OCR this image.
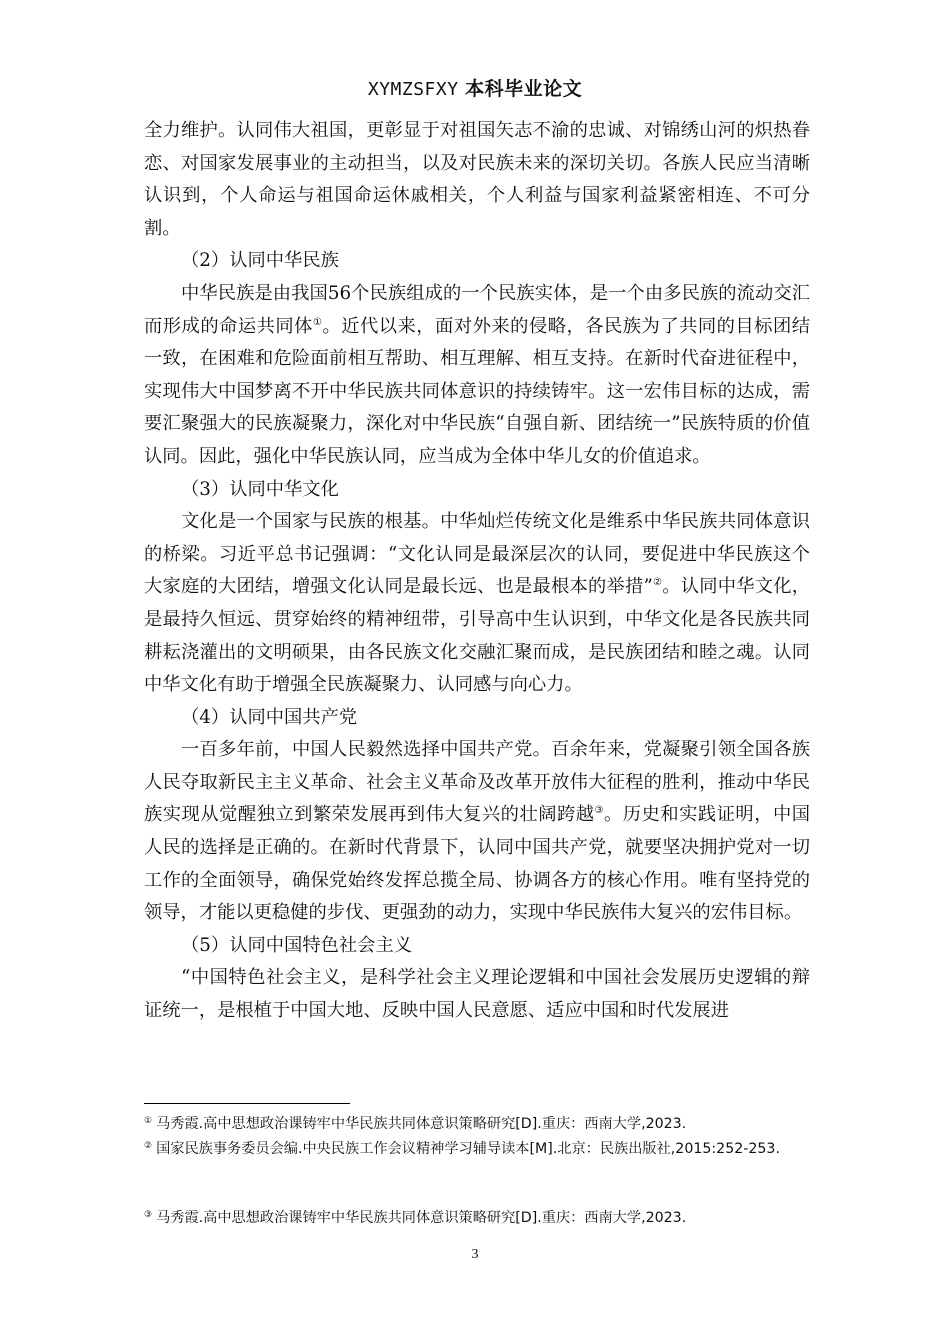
XYMZSFXY 本科毕业论文

全力维护。认同伟大祖国，更彰显于对祖国矢志不渝的忠诚、对锦绣山河的炽热眷恋、对国家发展事业的主动担当，以及对民族未来的深切关切。各族人民应当清晰认识到，个人命运与祖国命运休戚相关，个人利益与国家利益紧密相连、不可分割。

（2）认同中华民族

中华民族是由我国56个民族组成的一个民族实体，是一个由多民族的流动交汇而形成的命运共同体①。近代以来，面对外来的侵略，各民族为了共同的目标团结一致，在困难和危险面前相互帮助、相互理解、相互支持。在新时代奋进征程中，实现伟大中国梦离不开中华民族共同体意识的持续铸牢。这一宏伟目标的达成，需要汇聚强大的民族凝聚力，深化对中华民族“自强自新、团结统一”民族特质的价值认同。因此，强化中华民族认同，应当成为全体中华儿女的价值追求。

（3）认同中华文化

文化是一个国家与民族的根基。中华灿烂传统文化是维系中华民族共同体意识的桥梁。习近平总书记强调：“文化认同是最深层次的认同，要促进中华民族这个大家庭的大团结，增强文化认同是最长远、也是最根本的举措”②。认同中华文化，是最持久恒远、贯穿始终的精神纽带，引导高中生认识到，中华文化是各民族共同耕耘浇灌出的文明硕果，由各民族文化交融汇聚而成，是民族团结和睦之魂。认同中华文化有助于增强全民族凝聚力、认同感与向心力。

（4）认同中国共产党

一百多年前，中国人民毅然选择中国共产党。百余年来，党凝聚引领全国各族人民夺取新民主主义革命、社会主义革命及改革开放伟大征程的胜利，推动中华民族实现从觉醒独立到繁荣发展再到伟大复兴的壮阔跨越③。历史和实践证明，中国人民的选择是正确的。在新时代背景下，认同中国共产党，就要坚决拥护党对一切工作的全面领导，确保党始终发挥总揽全局、协调各方的核心作用。唯有坚持党的领导，才能以更稳健的步伐、更强劲的动力，实现中华民族伟大复兴的宏伟目标。

（5）认同中国特色社会主义

“中国特色社会主义，是科学社会主义理论逻辑和中国社会发展历史逻辑的辩证统一，是根植于中国大地、反映中国人民意愿、适应中国和时代发展进

① 马秀霞.高中思想政治课铸牢中华民族共同体意识策略研究[D].重庆：西南大学,2023.
② 国家民族事务委员会编.中央民族工作会议精神学习辅导读本[M].北京：民族出版社,2015:252-253.
③ 马秀霞.高中思想政治课铸牢中华民族共同体意识策略研究[D].重庆：西南大学,2023.
3
